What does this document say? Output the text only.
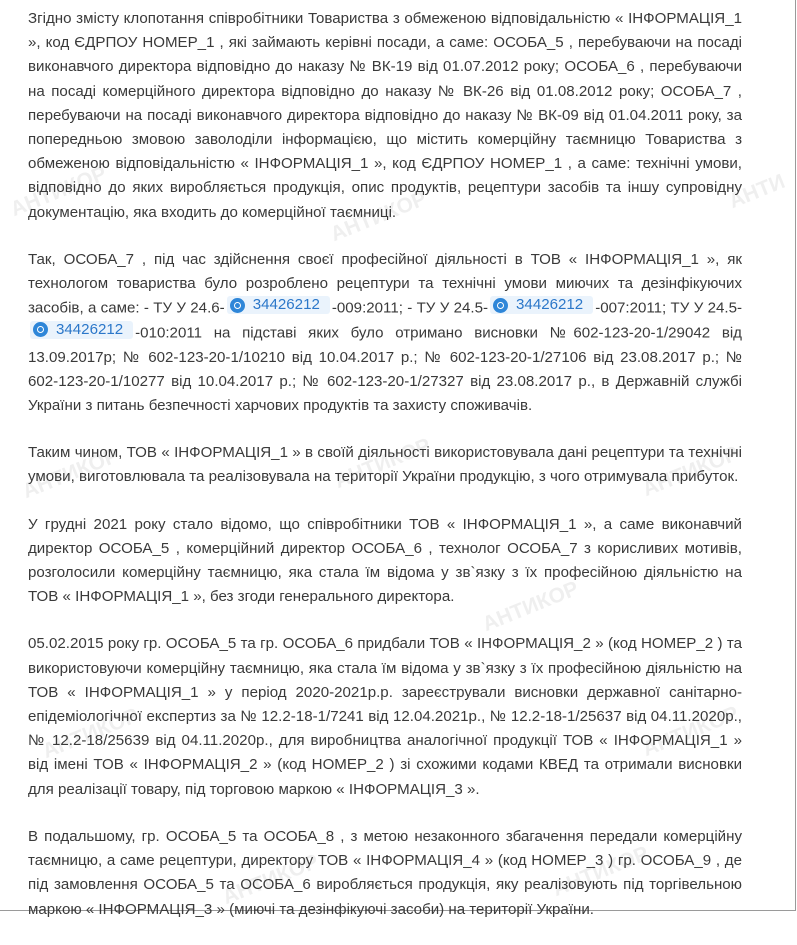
АНТИКОР	АНТИКОР	АНТИ
АНТИКОР	АНТИКОР	АНТИКОР
АНТИКОР
АНТИКОР	АНТИКОР
АНТИКОР	АНТИКОР

Згідно змісту клопотання співробітники Товариства з обмеженою відповідальністю « ІНФОРМАЦІЯ_1 », код ЄДРПОУ НОМЕР_1 , які займають керівні посади, а саме: ОСОБА_5 , перебуваючи на посаді виконавчого директора відповідно до наказу № ВК-19 від 01.07.2012 року; ОСОБА_6 , перебуваючи на посаді комерційного директора відповідно до наказу № ВК-26 від 01.08.2012 року; ОСОБА_7 , перебуваючи на посаді виконавчого директора відповідно до наказу № ВК-09 від 01.04.2011 року, за попередньою змовою заволоділи інформацією, що містить комерційну таємницю Товариства з обмеженою відповідальністю « ІНФОРМАЦІЯ_1 », код ЄДРПОУ НОМЕР_1 , а саме: технічні умови, відповідно до яких виробляється продукція, опис продуктів, рецептури засобів та іншу супровідну документацію, яка входить до комерційної таємниці.

Так, ОСОБА_7 , під час здійснення своєї професійної діяльності в ТОВ « ІНФОРМАЦІЯ_1 », як технологом товариства було розроблено рецептури та технічні умови миючих та дезінфікуючих засобів, а саме: - ТУ У 24.6- 34426212 -009:2011; - ТУ У 24.5- 34426212 -007:2011; ТУ У 24.5-
34426212 -010:2011 на підставі яких було отримано висновки №602-123-20-1/29042 від 13.09.2017р; № 602-123-20-1/10210 від 10.04.2017 р.; № 602-123-20-1/27106 від 23.08.2017 р.; № 602-123-20-1/10277 від 10.04.2017 р.; № 602-123-20-1/27327 від 23.08.2017 р., в Державній службі України з питань безпечності харчових продуктів та захисту споживачів.

Таким чином, ТОВ « ІНФОРМАЦІЯ_1 » в своїй діяльності використовувала дані рецептури та технічні умови, виготовлювала та реалізовувала на території України продукцію, з чого отримувала прибуток.

У грудні 2021 року стало відомо, що співробітники ТОВ « ІНФОРМАЦІЯ_1 », а саме виконавчий директор ОСОБА_5 , комерційний директор ОСОБА_6 , технолог ОСОБА_7 з корисливих мотивів, розголосили комерційну таємницю, яка стала їм відома у зв`язку з їх професійною діяльністю на ТОВ « ІНФОРМАЦІЯ_1 », без згоди генерального директора.

05.02.2015 року гр. ОСОБА_5 та гр. ОСОБА_6 придбали ТОВ « ІНФОРМАЦІЯ_2 » (код НОМЕР_2 ) та використовуючи комерційну таємницю, яка стала їм відома у зв`язку з їх професійною діяльністю на ТОВ « ІНФОРМАЦІЯ_1 » у період 2020-2021р.р. зареєстрували висновки державної санітарно-епідеміологічної експертиз за № 12.2-18-1/7241 від 12.04.2021р., № 12.2-18-1/25637 від 04.11.2020р., № 12.2-18/25639 від 04.11.2020р., для виробництва аналогічної продукції ТОВ « ІНФОРМАЦІЯ_1 » від імені ТОВ « ІНФОРМАЦІЯ_2 » (код НОМЕР_2 ) зі схожими кодами КВЕД та отримали висновки для реалізації товару, під торговою маркою « ІНФОРМАЦІЯ_3 ».

В подальшому, гр. ОСОБА_5 та ОСОБА_8 , з метою незаконного збагачення передали комерційну таємницю, а саме рецептури, директору ТОВ « ІНФОРМАЦІЯ_4 » (код НОМЕР_3 ) гр. ОСОБА_9 , де під замовлення ОСОБА_5 та ОСОБА_6 виробляється продукція, яку реалізовують під торгівельною маркою « ІНФОРМАЦІЯ_3 » (миючі та дезінфікуючі засоби) на території України.
